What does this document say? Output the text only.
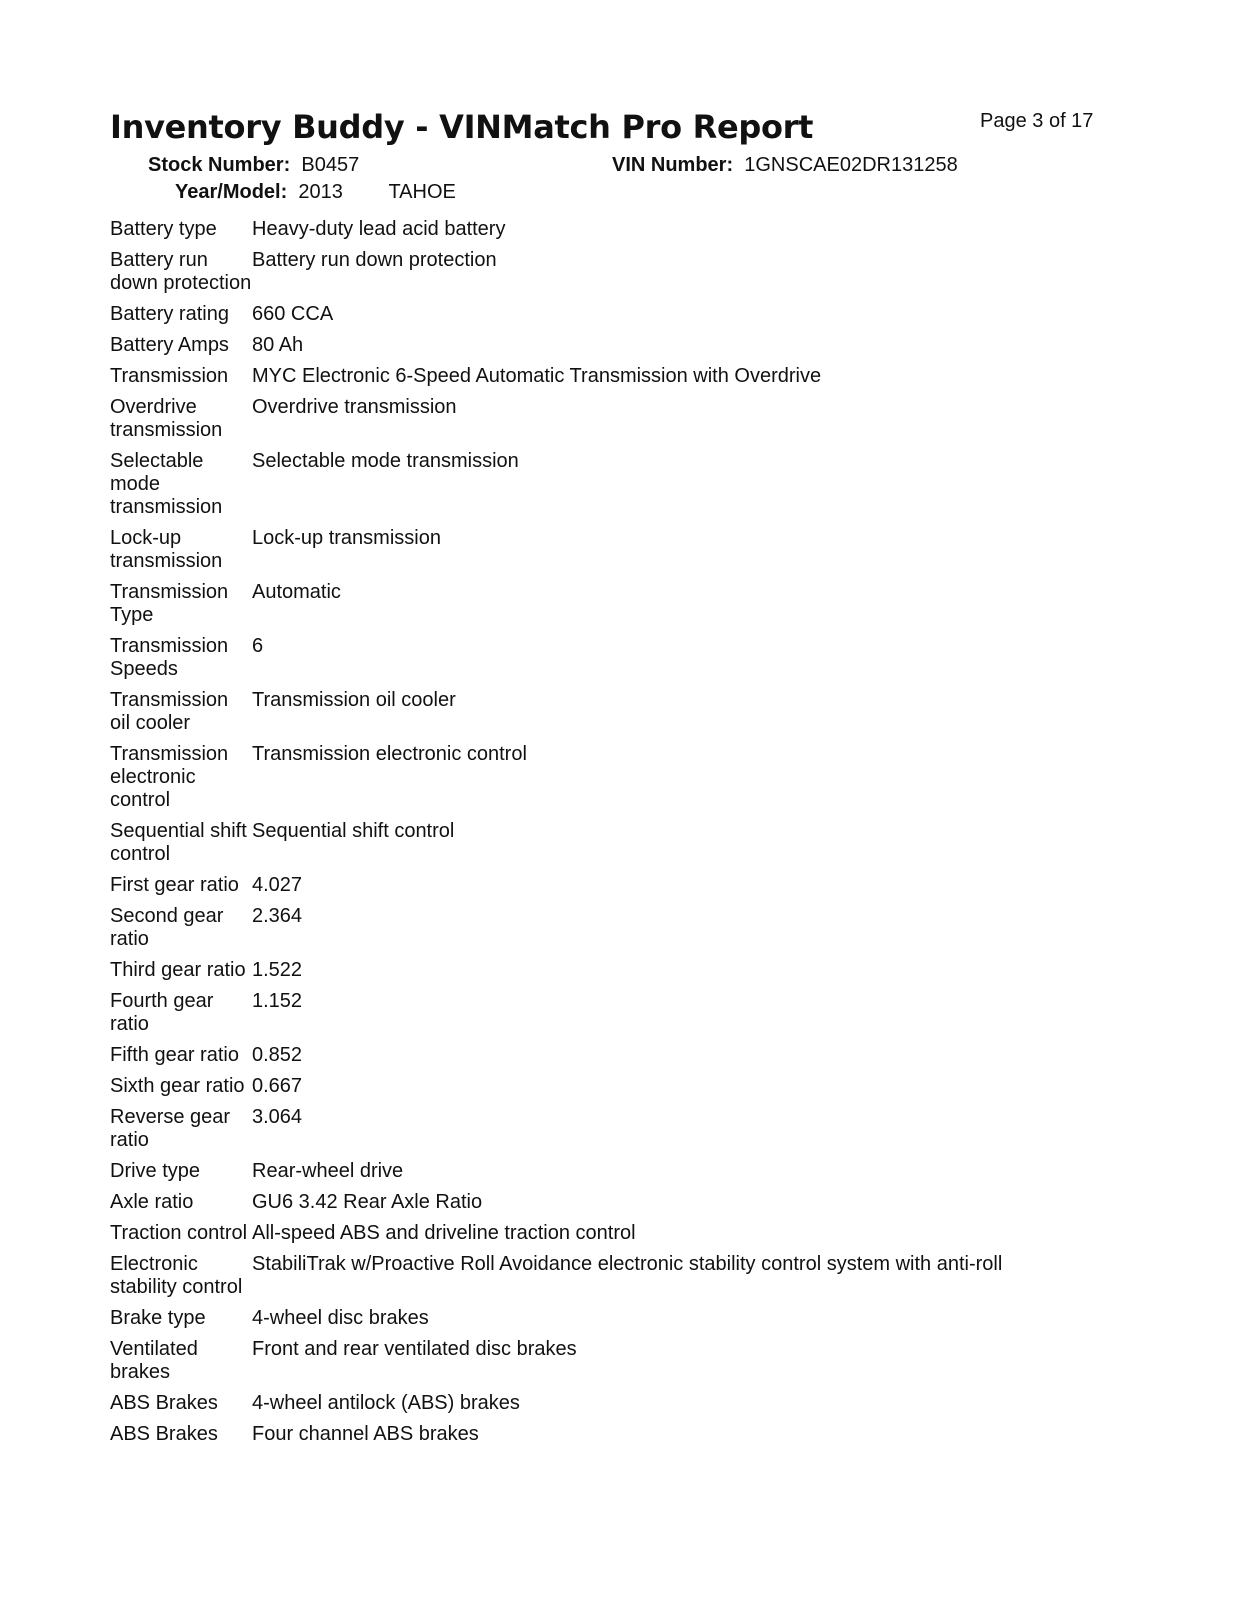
Inventory Buddy - VINMatch Pro Report	Page 3 of 17
Stock Number: B0457	VIN Number: 1GNSCAE02DR131258
Year/Model: 2013 TAHOE
Battery type	Heavy-duty lead acid battery
Battery run down protection	Battery run down protection
Battery rating	660 CCA
Battery Amps	80 Ah
Transmission	MYC Electronic 6-Speed Automatic Transmission with Overdrive
Overdrive transmission	Overdrive transmission
Selectable mode transmission	Selectable mode transmission
Lock-up transmission	Lock-up transmission
Transmission Type	Automatic
Transmission Speeds	6
Transmission oil cooler	Transmission oil cooler
Transmission electronic control	Transmission electronic control
Sequential shift control	Sequential shift control
First gear ratio	4.027
Second gear ratio	2.364
Third gear ratio	1.522
Fourth gear ratio	1.152
Fifth gear ratio	0.852
Sixth gear ratio	0.667
Reverse gear ratio	3.064
Drive type	Rear-wheel drive
Axle ratio	GU6 3.42 Rear Axle Ratio
Traction control	All-speed ABS and driveline traction control
Electronic stability control	StabiliTrak w/Proactive Roll Avoidance electronic stability control system with anti-roll
Brake type	4-wheel disc brakes
Ventilated brakes	Front and rear ventilated disc brakes
ABS Brakes	4-wheel antilock (ABS) brakes
ABS Brakes	Four channel ABS brakes
